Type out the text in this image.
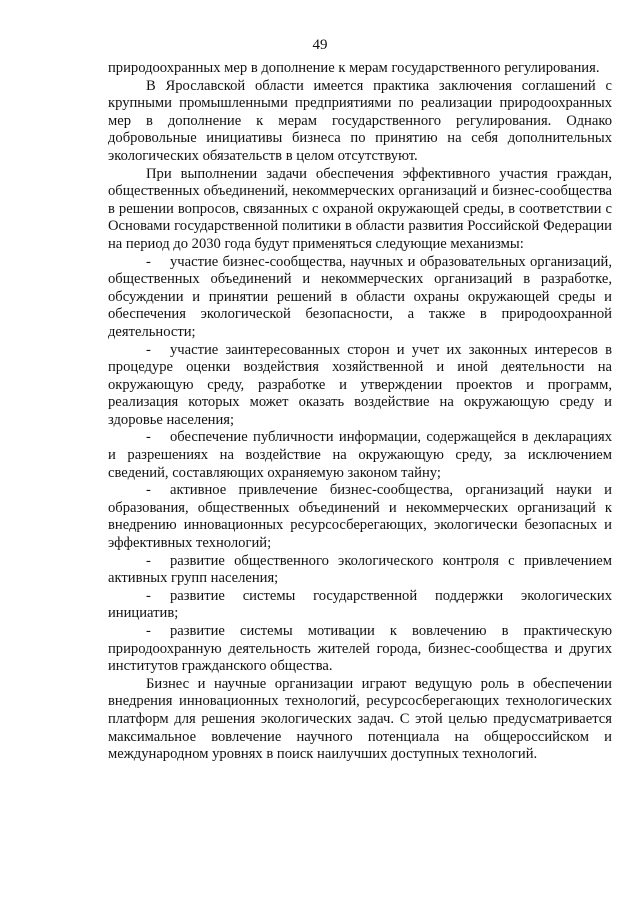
49

природоохранных мер в дополнение к мерам государственного регулирования.

В Ярославской области имеется практика заключения соглашений с крупными промышленными предприятиями по реализации природоохранных мер в дополнение к мерам государственного регулирования. Однако добровольные инициативы бизнеса по принятию на себя дополнительных экологических обязательств в целом отсутствуют.

При выполнении задачи обеспечения эффективного участия граждан, общественных объединений, некоммерческих организаций и бизнес-сообщества в решении вопросов, связанных с охраной окружающей среды, в соответствии с Основами государственной политики в области развития Российской Федерации на период до 2030 года будут применяться следующие механизмы:

- участие бизнес-сообщества, научных и образовательных организаций, общественных объединений и некоммерческих организаций в разработке, обсуждении и принятии решений в области охраны окружающей среды и обеспечения экологической безопасности, а также в природоохранной деятельности;

- участие заинтересованных сторон и учет их законных интересов в процедуре оценки воздействия хозяйственной и иной деятельности на окружающую среду, разработке и утверждении проектов и программ, реализация которых может оказать воздействие на окружающую среду и здоровье населения;

- обеспечение публичности информации, содержащейся в декларациях и разрешениях на воздействие на окружающую среду, за исключением сведений, составляющих охраняемую законом тайну;

- активное привлечение бизнес-сообщества, организаций науки и образования, общественных объединений и некоммерческих организаций к внедрению инновационных ресурсосберегающих, экологически безопасных и эффективных технологий;

- развитие общественного экологического контроля с привлечением активных групп населения;

- развитие системы государственной поддержки экологических инициатив;

- развитие системы мотивации к вовлечению в практическую природоохранную деятельность жителей города, бизнес-сообщества и других институтов гражданского общества.

Бизнес и научные организации играют ведущую роль в обеспечении внедрения инновационных технологий, ресурсосберегающих технологических платформ для решения экологических задач. С этой целью предусматривается максимальное вовлечение научного потенциала на общероссийском и международном уровнях в поиск наилучших доступных технологий.
